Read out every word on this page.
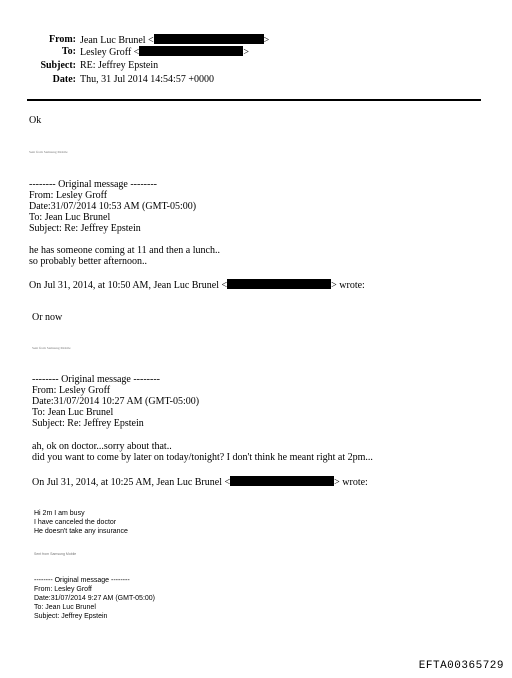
From: Jean Luc Brunel <	>
To: Lesley Groff <	>
Subject: RE: Jeffrey Epstein
Date: Thu, 31 Jul 2014 14:54:57 +0000
Ok
Sent from Samsung Mobile
-------- Original message --------
From: Lesley Groff
Date:31/07/2014 10:53 AM (GMT-05:00)
To: Jean Luc Brunel
Subject: Re: Jeffrey Epstein
he has someone coming at 11 and then a lunch..
so probably better afternoon..
On Jul 31, 2014, at 10:50 AM, Jean Luc Brunel <	> wrote:
Or now
Sent from Samsung Mobile
-------- Original message --------
From: Lesley Groff
Date:31/07/2014 10:27 AM (GMT-05:00)
To: Jean Luc Brunel
Subject: Re: Jeffrey Epstein
ah, ok on doctor...sorry about that..
did you want to come by later on today/tonight? I don't think he meant right at 2pm...
On Jul 31, 2014, at 10:25 AM, Jean Luc Brunel <	> wrote:
Hi 2m I am busy
I have canceled the doctor
He doesn't take any insurance
Sent from Samsung Mobile
-------- Original message --------
From: Lesley Groff
Date:31/07/2014 9:27 AM (GMT-05:00)
To: Jean Luc Brunel
Subject: Jeffrey Epstein
EFTA00365729
